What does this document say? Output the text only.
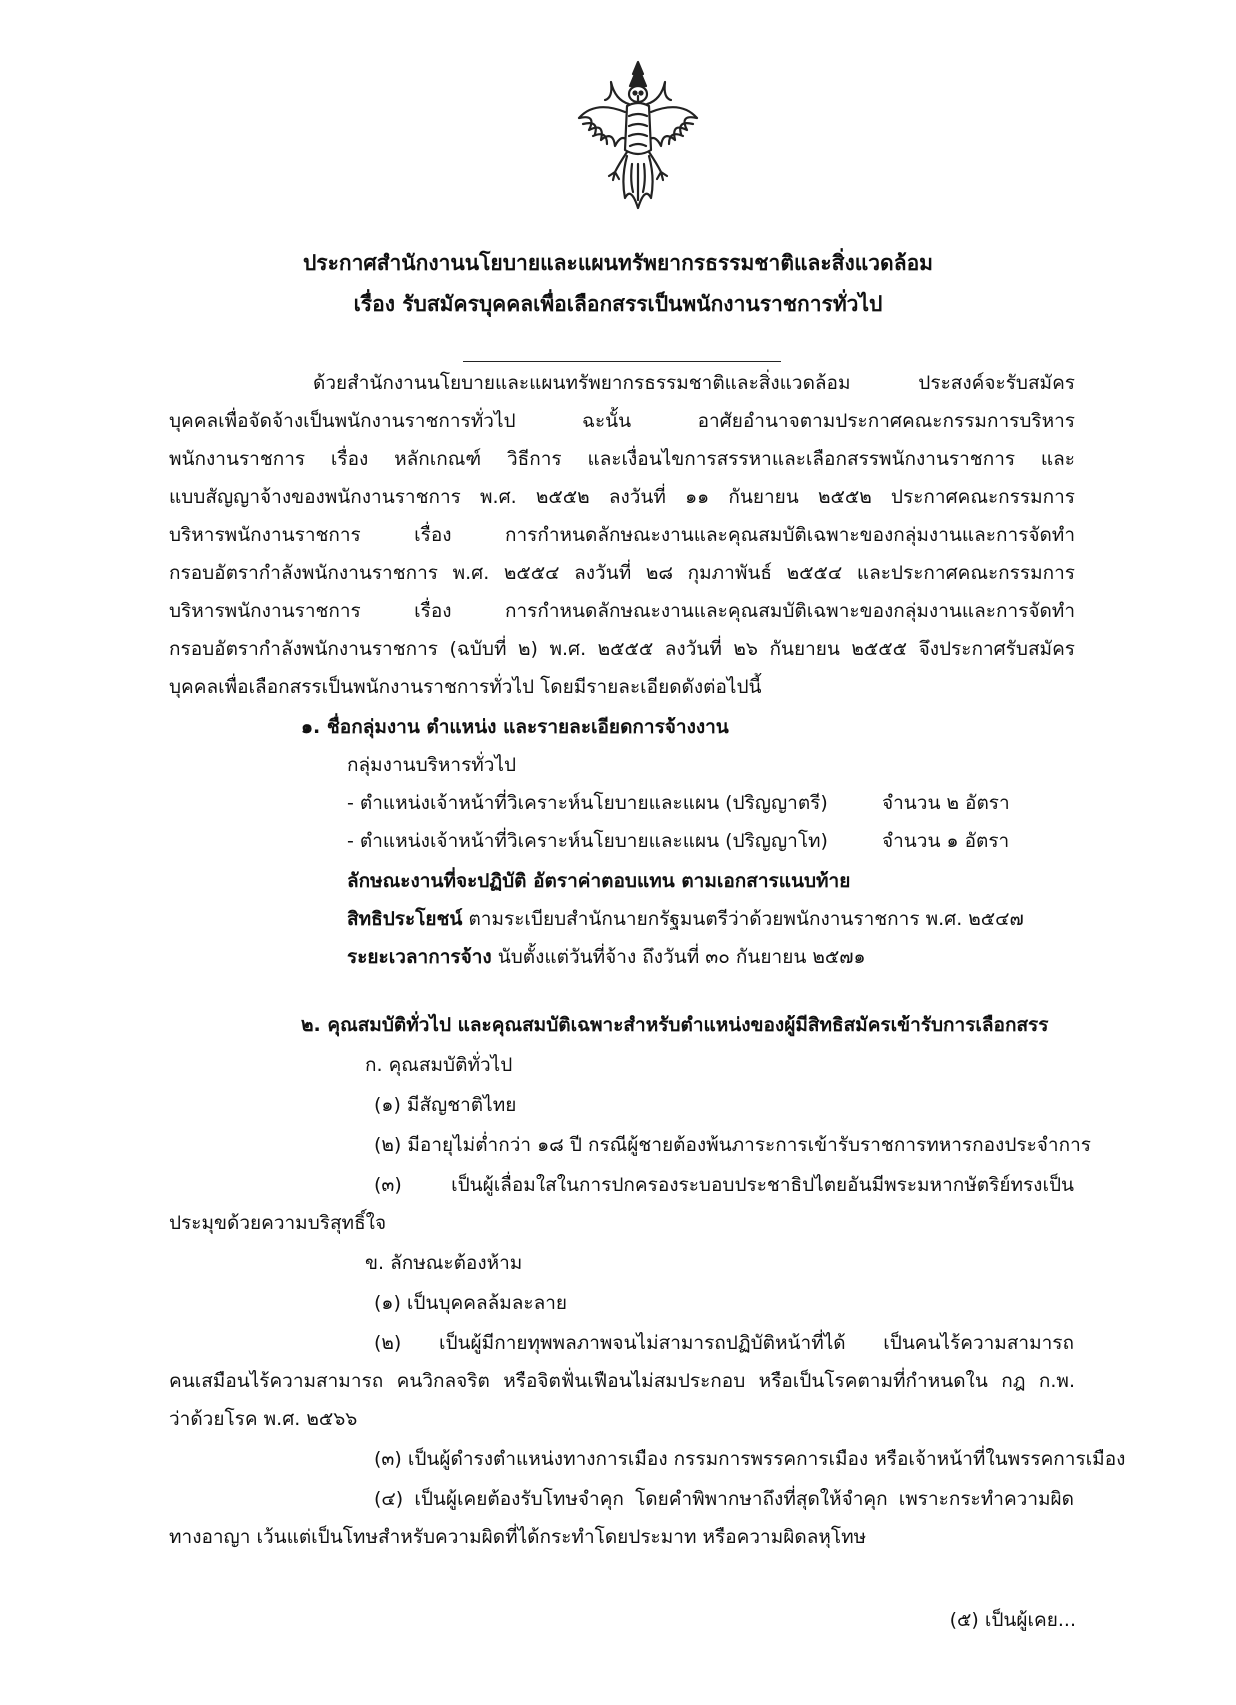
ประกาศสำนักงานนโยบายและแผนทรัพยากรธรรมชาติและสิ่งแวดล้อม
เรื่อง รับสมัครบุคคลเพื่อเลือกสรรเป็นพนักงานราชการทั่วไป
ด้วยสำนักงานนโยบายและแผนทรัพยากรธรรมชาติและสิ่งแวดล้อม ประสงค์จะรับสมัคร
บุคคลเพื่อจัดจ้างเป็นพนักงานราชการทั่วไป ฉะนั้น อาศัยอำนาจตามประกาศคณะกรรมการบริหาร
พนักงานราชการ เรื่อง หลักเกณฑ์ วิธีการ และเงื่อนไขการสรรหาและเลือกสรรพนักงานราชการ และ
แบบสัญญาจ้างของพนักงานราชการ พ.ศ. ๒๕๕๒ ลงวันที่ ๑๑ กันยายน ๒๕๕๒ ประกาศคณะกรรมการ
บริหารพนักงานราชการ เรื่อง การกำหนดลักษณะงานและคุณสมบัติเฉพาะของกลุ่มงานและการจัดทำ
กรอบอัตรากำลังพนักงานราชการ พ.ศ. ๒๕๕๔ ลงวันที่ ๒๘ กุมภาพันธ์ ๒๕๕๔ และประกาศคณะกรรมการ
บริหารพนักงานราชการ เรื่อง การกำหนดลักษณะงานและคุณสมบัติเฉพาะของกลุ่มงานและการจัดทำ
กรอบอัตรากำลังพนักงานราชการ (ฉบับที่ ๒) พ.ศ. ๒๕๕๕ ลงวันที่ ๒๖ กันยายน ๒๕๕๕ จึงประกาศรับสมัคร
บุคคลเพื่อเลือกสรรเป็นพนักงานราชการทั่วไป โดยมีรายละเอียดดังต่อไปนี้
๑. ชื่อกลุ่มงาน ตำแหน่ง และรายละเอียดการจ้างงาน
กลุ่มงานบริหารทั่วไป
- ตำแหน่งเจ้าหน้าที่วิเคราะห์นโยบายและแผน (ปริญญาตรี)	จำนวน ๒ อัตรา
- ตำแหน่งเจ้าหน้าที่วิเคราะห์นโยบายและแผน (ปริญญาโท)	จำนวน ๑ อัตรา
ลักษณะงานที่จะปฏิบัติ อัตราค่าตอบแทน ตามเอกสารแนบท้าย
สิทธิประโยชน์ ตามระเบียบสำนักนายกรัฐมนตรีว่าด้วยพนักงานราชการ พ.ศ. ๒๕๔๗
ระยะเวลาการจ้าง นับตั้งแต่วันที่จ้าง ถึงวันที่ ๓๐ กันยายน ๒๕๗๑
๒. คุณสมบัติทั่วไป และคุณสมบัติเฉพาะสำหรับตำแหน่งของผู้มีสิทธิสมัครเข้ารับการเลือกสรร
ก. คุณสมบัติทั่วไป
(๑) มีสัญชาติไทย
(๒) มีอายุไม่ต่ำกว่า ๑๘ ปี กรณีผู้ชายต้องพ้นภาระการเข้ารับราชการทหารกองประจำการ
(๓) เป็นผู้เลื่อมใสในการปกครองระบอบประชาธิปไตยอันมีพระมหากษัตริย์ทรงเป็น
ประมุขด้วยความบริสุทธิ์ใจ
ข. ลักษณะต้องห้าม
(๑) เป็นบุคคลล้มละลาย
(๒) เป็นผู้มีกายทุพพลภาพจนไม่สามารถปฏิบัติหน้าที่ได้ เป็นคนไร้ความสามารถ
คนเสมือนไร้ความสามารถ คนวิกลจริต หรือจิตฟั่นเฟือนไม่สมประกอบ หรือเป็นโรคตามที่กำหนดใน กฎ ก.พ.
ว่าด้วยโรค พ.ศ. ๒๕๖๖
(๓) เป็นผู้ดำรงตำแหน่งทางการเมือง กรรมการพรรคการเมือง หรือเจ้าหน้าที่ในพรรคการเมือง
(๔) เป็นผู้เคยต้องรับโทษจำคุก โดยคำพิพากษาถึงที่สุดให้จำคุก เพราะกระทำความผิด
ทางอาญา เว้นแต่เป็นโทษสำหรับความผิดที่ได้กระทำโดยประมาท หรือความผิดลหุโทษ
(๕) เป็นผู้เคย...
